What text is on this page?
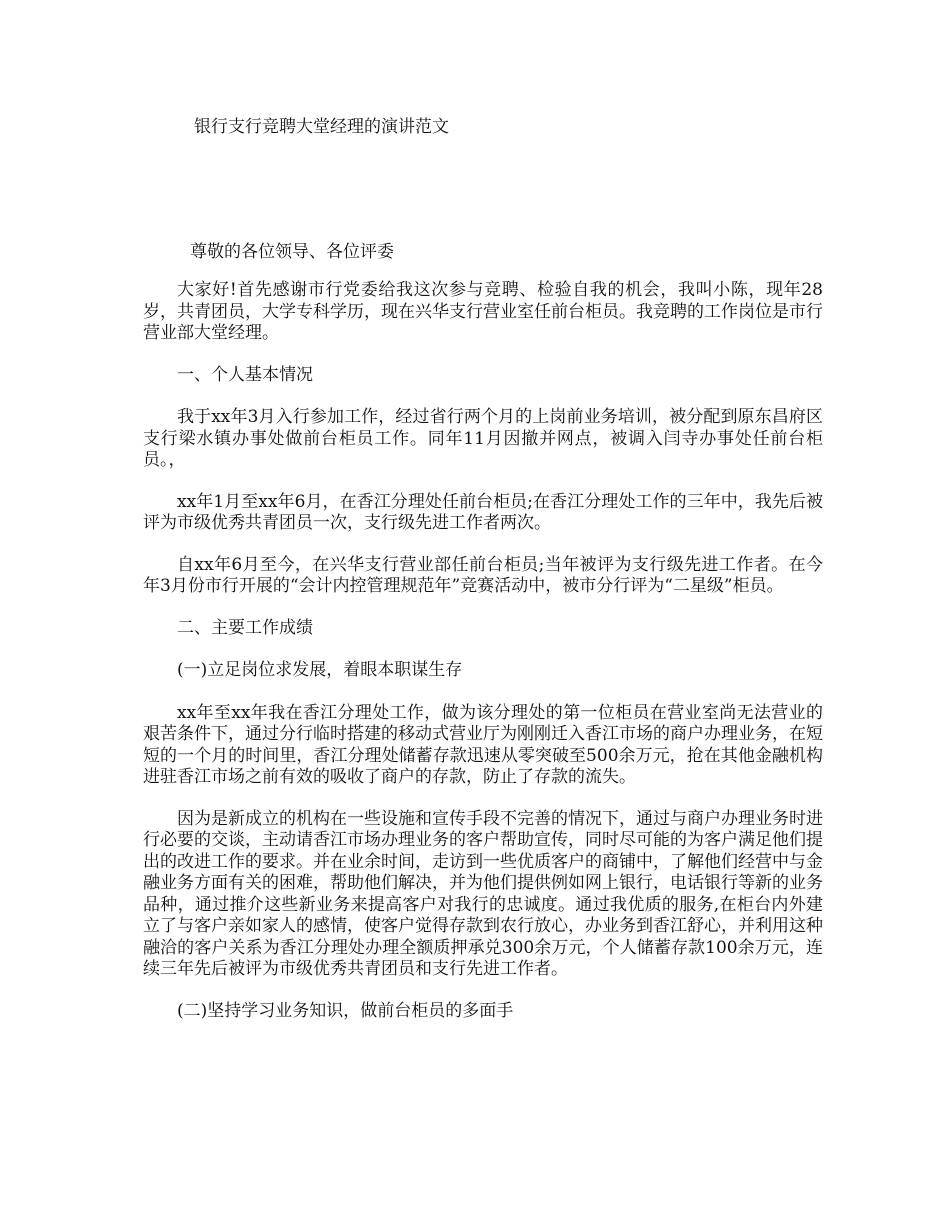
银行支行竞聘大堂经理的演讲范文
尊敬的各位领导、各位评委

大家好!首先感谢市行党委给我这次参与竞聘、检验自我的机会，我叫小陈，现年28岁，共青团员，大学专科学历，现在兴华支行营业室任前台柜员。我竞聘的工作岗位是市行营业部大堂经理。

一、个人基本情况

我于xx年3月入行参加工作，经过省行两个月的上岗前业务培训，被分配到原东昌府区支行梁水镇办事处做前台柜员工作。同年11月因撤并网点，被调入闫寺办事处任前台柜员。，

xx年1月至xx年6月，在香江分理处任前台柜员;在香江分理处工作的三年中，我先后被评为市级优秀共青团员一次，支行级先进工作者两次。

自xx年6月至今，在兴华支行营业部任前台柜员;当年被评为支行级先进工作者。在今年3月份市行开展的“会计内控管理规范年”竞赛活动中，被市分行评为“二星级”柜员。

二、主要工作成绩

(一)立足岗位求发展，着眼本职谋生存

xx年至xx年我在香江分理处工作，做为该分理处的第一位柜员在营业室尚无法营业的艰苦条件下，通过分行临时搭建的移动式营业厅为刚刚迁入香江市场的商户办理业务，在短短的一个月的时间里，香江分理处储蓄存款迅速从零突破至500余万元，抢在其他金融机构进驻香江市场之前有效的吸收了商户的存款，防止了存款的流失。

因为是新成立的机构在一些设施和宣传手段不完善的情况下，通过与商户办理业务时进行必要的交谈，主动请香江市场办理业务的客户帮助宣传，同时尽可能的为客户满足他们提出的改进工作的要求。并在业余时间，走访到一些优质客户的商铺中，了解他们经营中与金融业务方面有关的困难，帮助他们解决，并为他们提供例如网上银行，电话银行等新的业务品种，通过推介这些新业务来提高客户对我行的忠诚度。通过我优质的服务,在柜台内外建立了与客户亲如家人的感情，使客户觉得存款到农行放心，办业务到香江舒心，并利用这种融洽的客户关系为香江分理处办理全额质押承兑300余万元，个人储蓄存款100余万元，连续三年先后被评为市级优秀共青团员和支行先进工作者。

(二)坚持学习业务知识，做前台柜员的多面手
